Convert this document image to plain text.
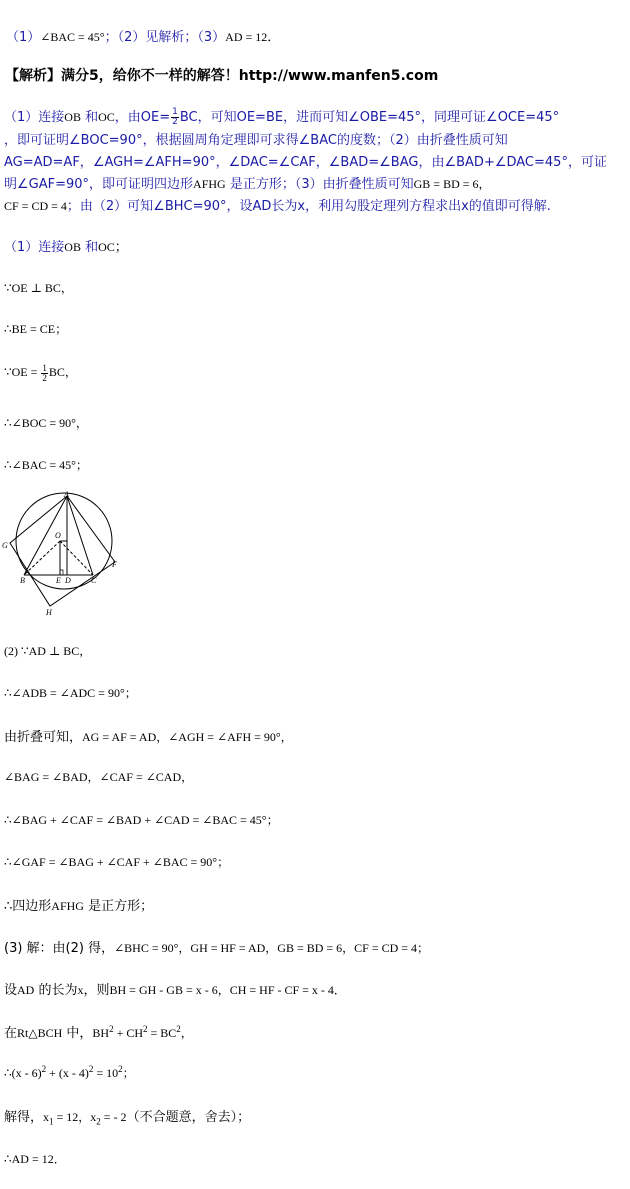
（1）∠BAC = 45°；（2）见解析；（3）AD = 12．
【解析】满分5，给你不一样的解答！http://www.manfen5.com
（1）连接OB 和OC，由$OE= \frac{1}{2}$ BC，可知OE=BE，进而可知∠OBE=45°，同理可证∠OCE=45°
，即可证明∠BOC=90°，根据圆周角定理即可求得∠BAC的度数；（2）由折叠性质可知
AG=AD=AF，∠AGH=∠AFH=90°，∠DAC=∠CAF，∠BAD=∠BAG，由∠BAD+∠DAC=45°，可证
明∠GAF=90°，即可证明四边形AFHG 是正方形；（3）由折叠性质可知GB = BD = 6，
CF = CD = 4；由（2）可知∠BHC=90°，设AD长为x，利用勾股定理列方程求出x的值即可得解.
（1）连接OB 和OC；
∵OE ⊥ BC，
∴BE = CE；
∵OE = $\frac{1}{2}$ BC，
∴∠BOC = 90°，
∴∠BAC = 45°；
A
O
G
F
B	E D	C
H
(2) ∵AD ⊥ BC，
∴∠ADB = ∠ADC = 90°；
由折叠可知，AG = AF = AD，∠AGH = ∠AFH = 90°，
∠BAG = ∠BAD，∠CAF = ∠CAD，
∴∠BAG + ∠CAF = ∠BAD + ∠CAD = ∠BAC = 45°；
∴∠GAF = ∠BAG + ∠CAF + ∠BAC = 90°；
∴四边形AFHG 是正方形；
(3) 解：由(2) 得，∠BHC = 90°，GH = HF = AD，GB = BD = 6，CF = CD = 4；
设AD 的长为x，则BH = GH - GB = x - 6，CH = HF - CF = x - 4．
在Rt△BCH 中，$BH^2 + CH^2 = BC^2$，
∴(x - $6)^2 + (x - 4)^2 = 10^2$；
解得，$x_1 = 12$，$x_2$ = - 2（不合题意，舍去）；
∴AD = 12．
